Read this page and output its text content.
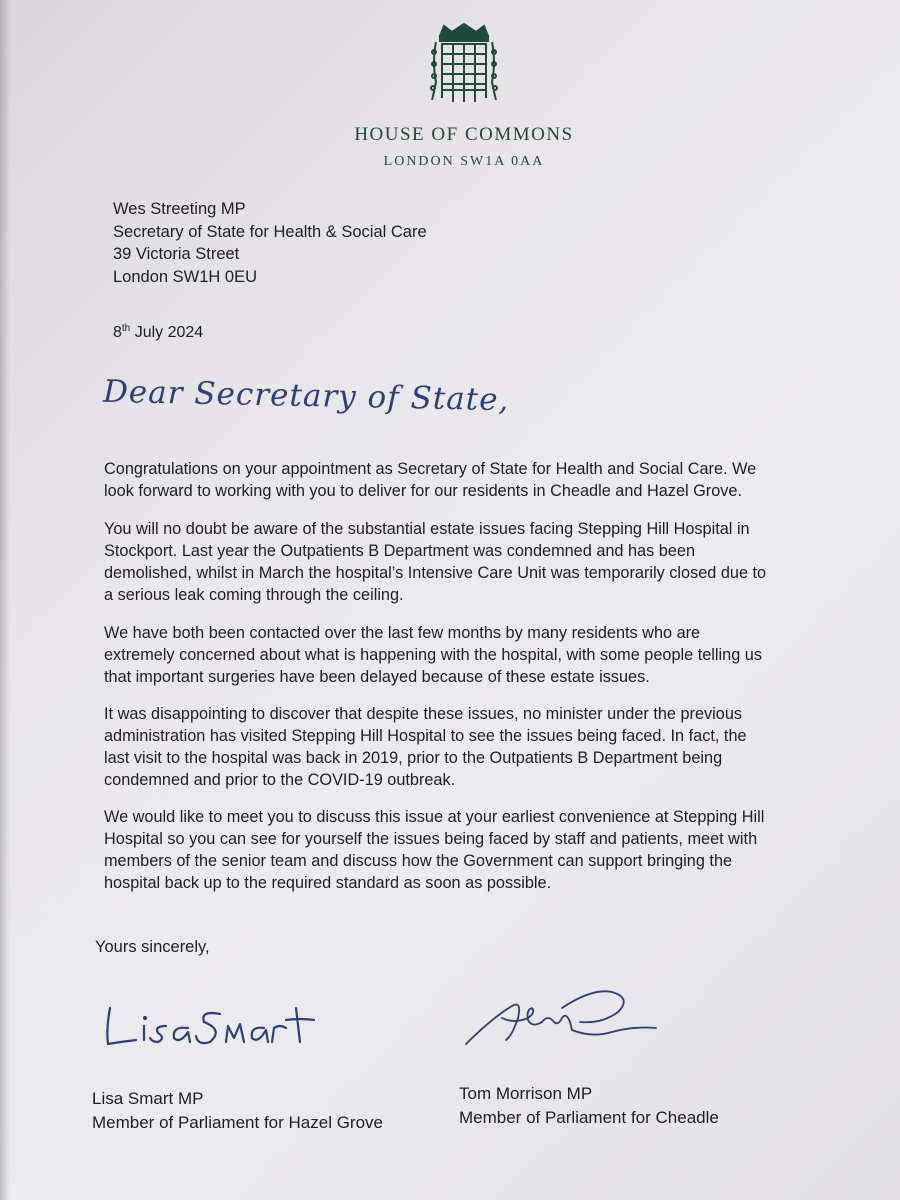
HOUSE OF COMMONS
LONDON SW1A 0AA
Wes Streeting MP
Secretary of State for Health & Social Care
39 Victoria Street
London SW1H 0EU
8th July 2024
Dear Secretary of State,
Congratulations on your appointment as Secretary of State for Health and Social Care. We
look forward to working with you to deliver for our residents in Cheadle and Hazel Grove.
You will no doubt be aware of the substantial estate issues facing Stepping Hill Hospital in
Stockport. Last year the Outpatients B Department was condemned and has been
demolished, whilst in March the hospital’s Intensive Care Unit was temporarily closed due to
a serious leak coming through the ceiling.
We have both been contacted over the last few months by many residents who are
extremely concerned about what is happening with the hospital, with some people telling us
that important surgeries have been delayed because of these estate issues.
It was disappointing to discover that despite these issues, no minister under the previous
administration has visited Stepping Hill Hospital to see the issues being faced. In fact, the
last visit to the hospital was back in 2019, prior to the Outpatients B Department being
condemned and prior to the COVID-19 outbreak.
We would like to meet you to discuss this issue at your earliest convenience at Stepping Hill
Hospital so you can see for yourself the issues being faced by staff and patients, meet with
members of the senior team and discuss how the Government can support bringing the
hospital back up to the required standard as soon as possible.
Yours sincerely,
Lisa Smart MP
Member of Parliament for Hazel Grove
Tom Morrison MP
Member of Parliament for Cheadle
